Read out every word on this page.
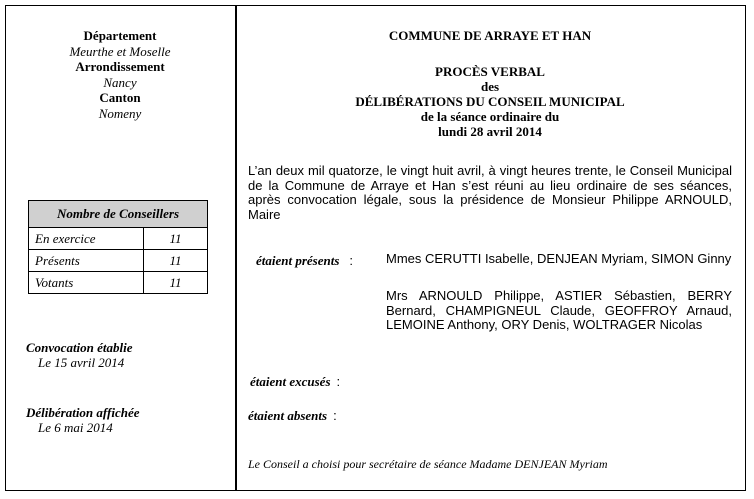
Département
Meurthe et Moselle
Arrondissement
Nancy
Canton
Nomeny
Nombre de Conseillers	
En exercice	11
Présents	11
Votants	11
Convocation établie
Le 15 avril 2014
Délibération affichée
Le 6 mai 2014
COMMUNE DE ARRAYE ET HAN
PROCÈS VERBAL
des
DÉLIBÉRATIONS DU CONSEIL MUNICIPAL
de la séance ordinaire du
lundi 28 avril 2014
L’an deux mil quatorze, le vingt huit avril, à vingt heures trente, le Conseil Municipal de la Commune de Arraye et Han s’est réuni au lieu ordinaire de ses séances, après convocation légale, sous la présidence de Monsieur Philippe ARNOULD, Maire
étaient présents :	Mmes CERUTTI Isabelle, DENJEAN Myriam, SIMON Ginny
Mrs ARNOULD Philippe, ASTIER Sébastien, BERRY Bernard, CHAMPIGNEUL Claude, GEOFFROY Arnaud, LEMOINE Anthony, ORY Denis, WOLTRAGER Nicolas
étaient excusés :
étaient absents :
Le Conseil a choisi pour secrétaire de séance Madame DENJEAN Myriam
